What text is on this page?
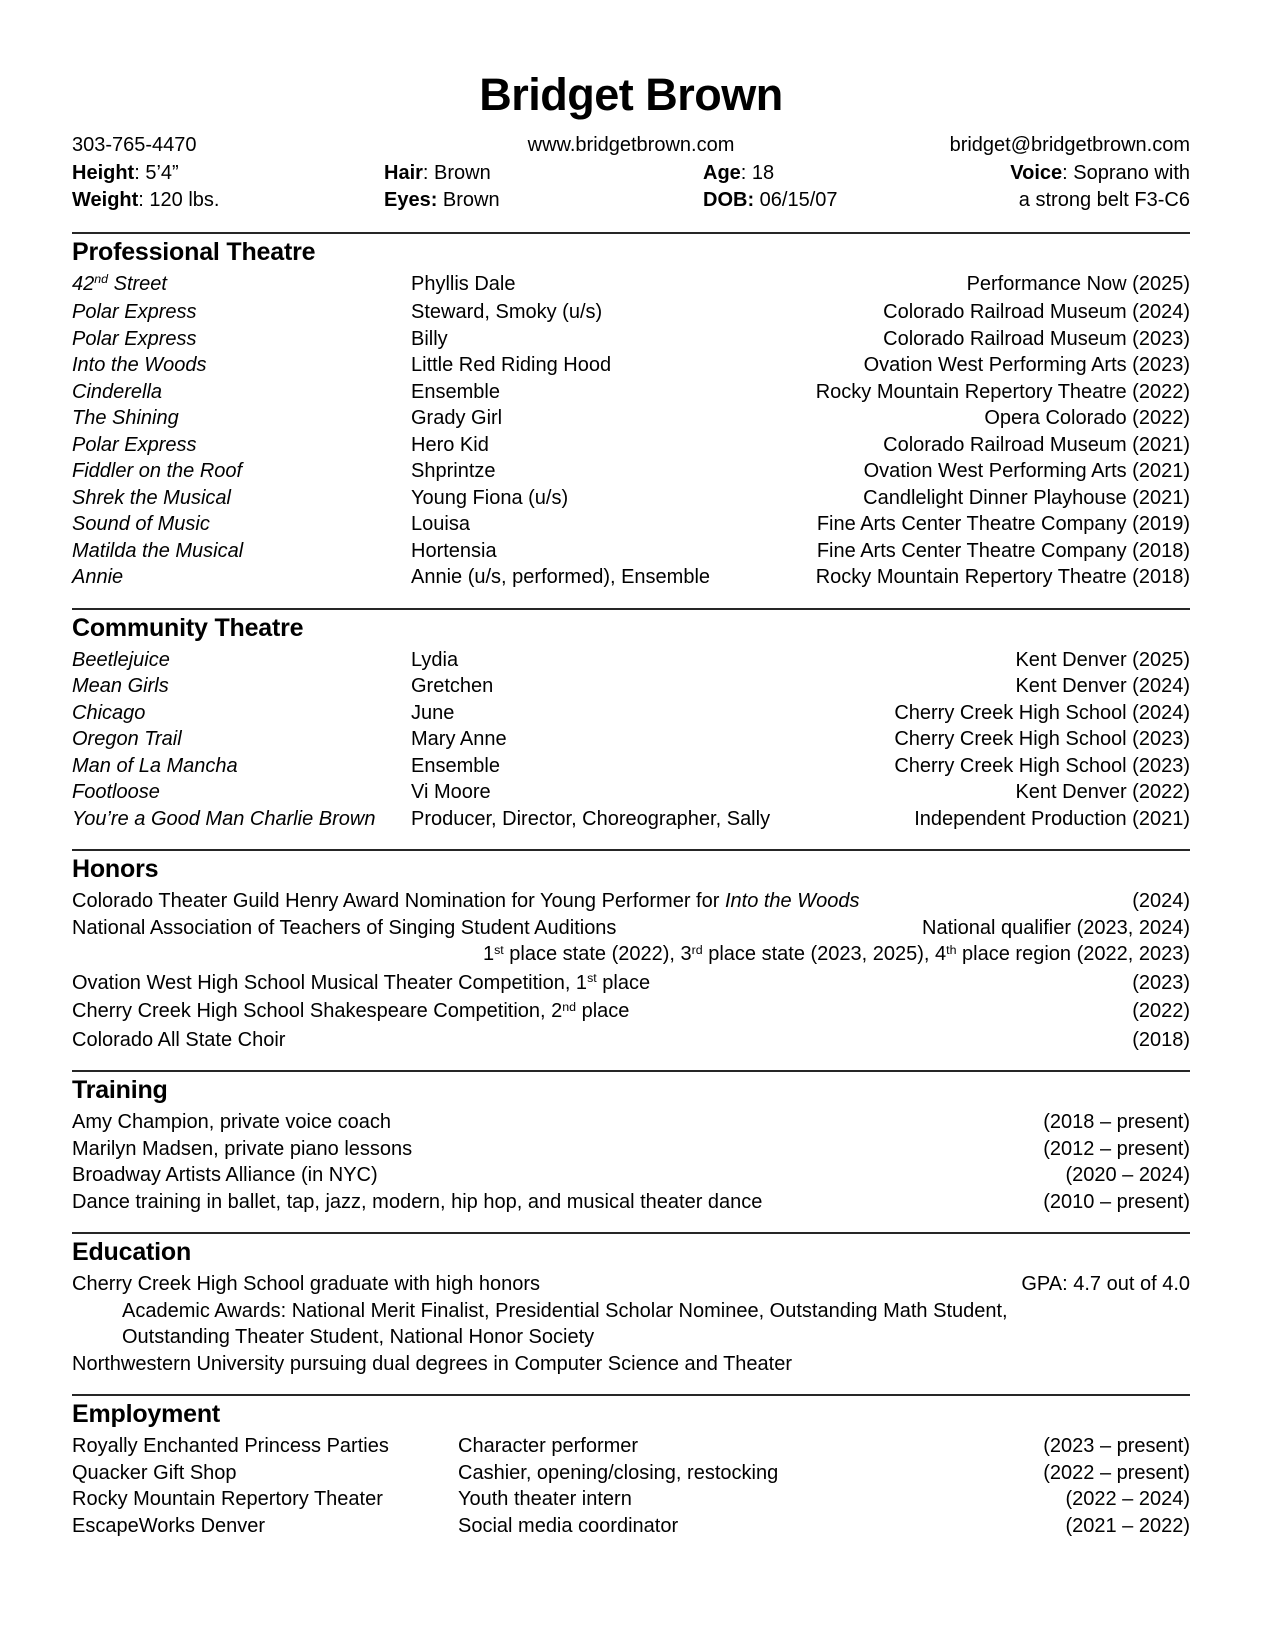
Bridget Brown
303-765-4470	www.bridgetbrown.com	bridget@bridgetbrown.com
Height: 5’4”	Hair: Brown	Age: 18	Voice: Soprano with
Weight: 120 lbs.	Eyes: Brown	DOB: 06/15/07	a strong belt F3-C6
Professional Theatre
42nd Street	Phyllis Dale	Performance Now (2025)
Polar Express	Steward, Smoky (u/s)	Colorado Railroad Museum (2024)
Polar Express	Billy	Colorado Railroad Museum (2023)
Into the Woods	Little Red Riding Hood	Ovation West Performing Arts (2023)
Cinderella	Ensemble	Rocky Mountain Repertory Theatre (2022)
The Shining	Grady Girl	Opera Colorado (2022)
Polar Express	Hero Kid	Colorado Railroad Museum (2021)
Fiddler on the Roof	Shprintze	Ovation West Performing Arts (2021)
Shrek the Musical	Young Fiona (u/s)	Candlelight Dinner Playhouse (2021)
Sound of Music	Louisa	Fine Arts Center Theatre Company (2019)
Matilda the Musical	Hortensia	Fine Arts Center Theatre Company (2018)
Annie	Annie (u/s, performed), Ensemble	Rocky Mountain Repertory Theatre (2018)
Community Theatre
Beetlejuice	Lydia	Kent Denver (2025)
Mean Girls	Gretchen	Kent Denver (2024)
Chicago	June	Cherry Creek High School (2024)
Oregon Trail	Mary Anne	Cherry Creek High School (2023)
Man of La Mancha	Ensemble	Cherry Creek High School (2023)
Footloose	Vi Moore	Kent Denver (2022)
You’re a Good Man Charlie Brown	Producer, Director, Choreographer, Sally	Independent Production (2021)
Honors
Colorado Theater Guild Henry Award Nomination for Young Performer for Into the Woods	(2024)
National Association of Teachers of Singing Student Auditions	National qualifier (2023, 2024)
1st place state (2022), 3rd place state (2023, 2025), 4th place region (2022, 2023)
Ovation West High School Musical Theater Competition, 1st place	(2023)
Cherry Creek High School Shakespeare Competition, 2nd place	(2022)
Colorado All State Choir	(2018)
Training
Amy Champion, private voice coach	(2018 – present)
Marilyn Madsen, private piano lessons	(2012 – present)
Broadway Artists Alliance (in NYC)	(2020 – 2024)
Dance training in ballet, tap, jazz, modern, hip hop, and musical theater dance	(2010 – present)
Education
Cherry Creek High School graduate with high honors	GPA: 4.7 out of 4.0
Academic Awards: National Merit Finalist, Presidential Scholar Nominee, Outstanding Math Student,
Outstanding Theater Student, National Honor Society
Northwestern University pursuing dual degrees in Computer Science and Theater
Employment
Royally Enchanted Princess Parties	Character performer	(2023 – present)
Quacker Gift Shop	Cashier, opening/closing, restocking	(2022 – present)
Rocky Mountain Repertory Theater	Youth theater intern	(2022 – 2024)
EscapeWorks Denver	Social media coordinator	(2021 – 2022)
